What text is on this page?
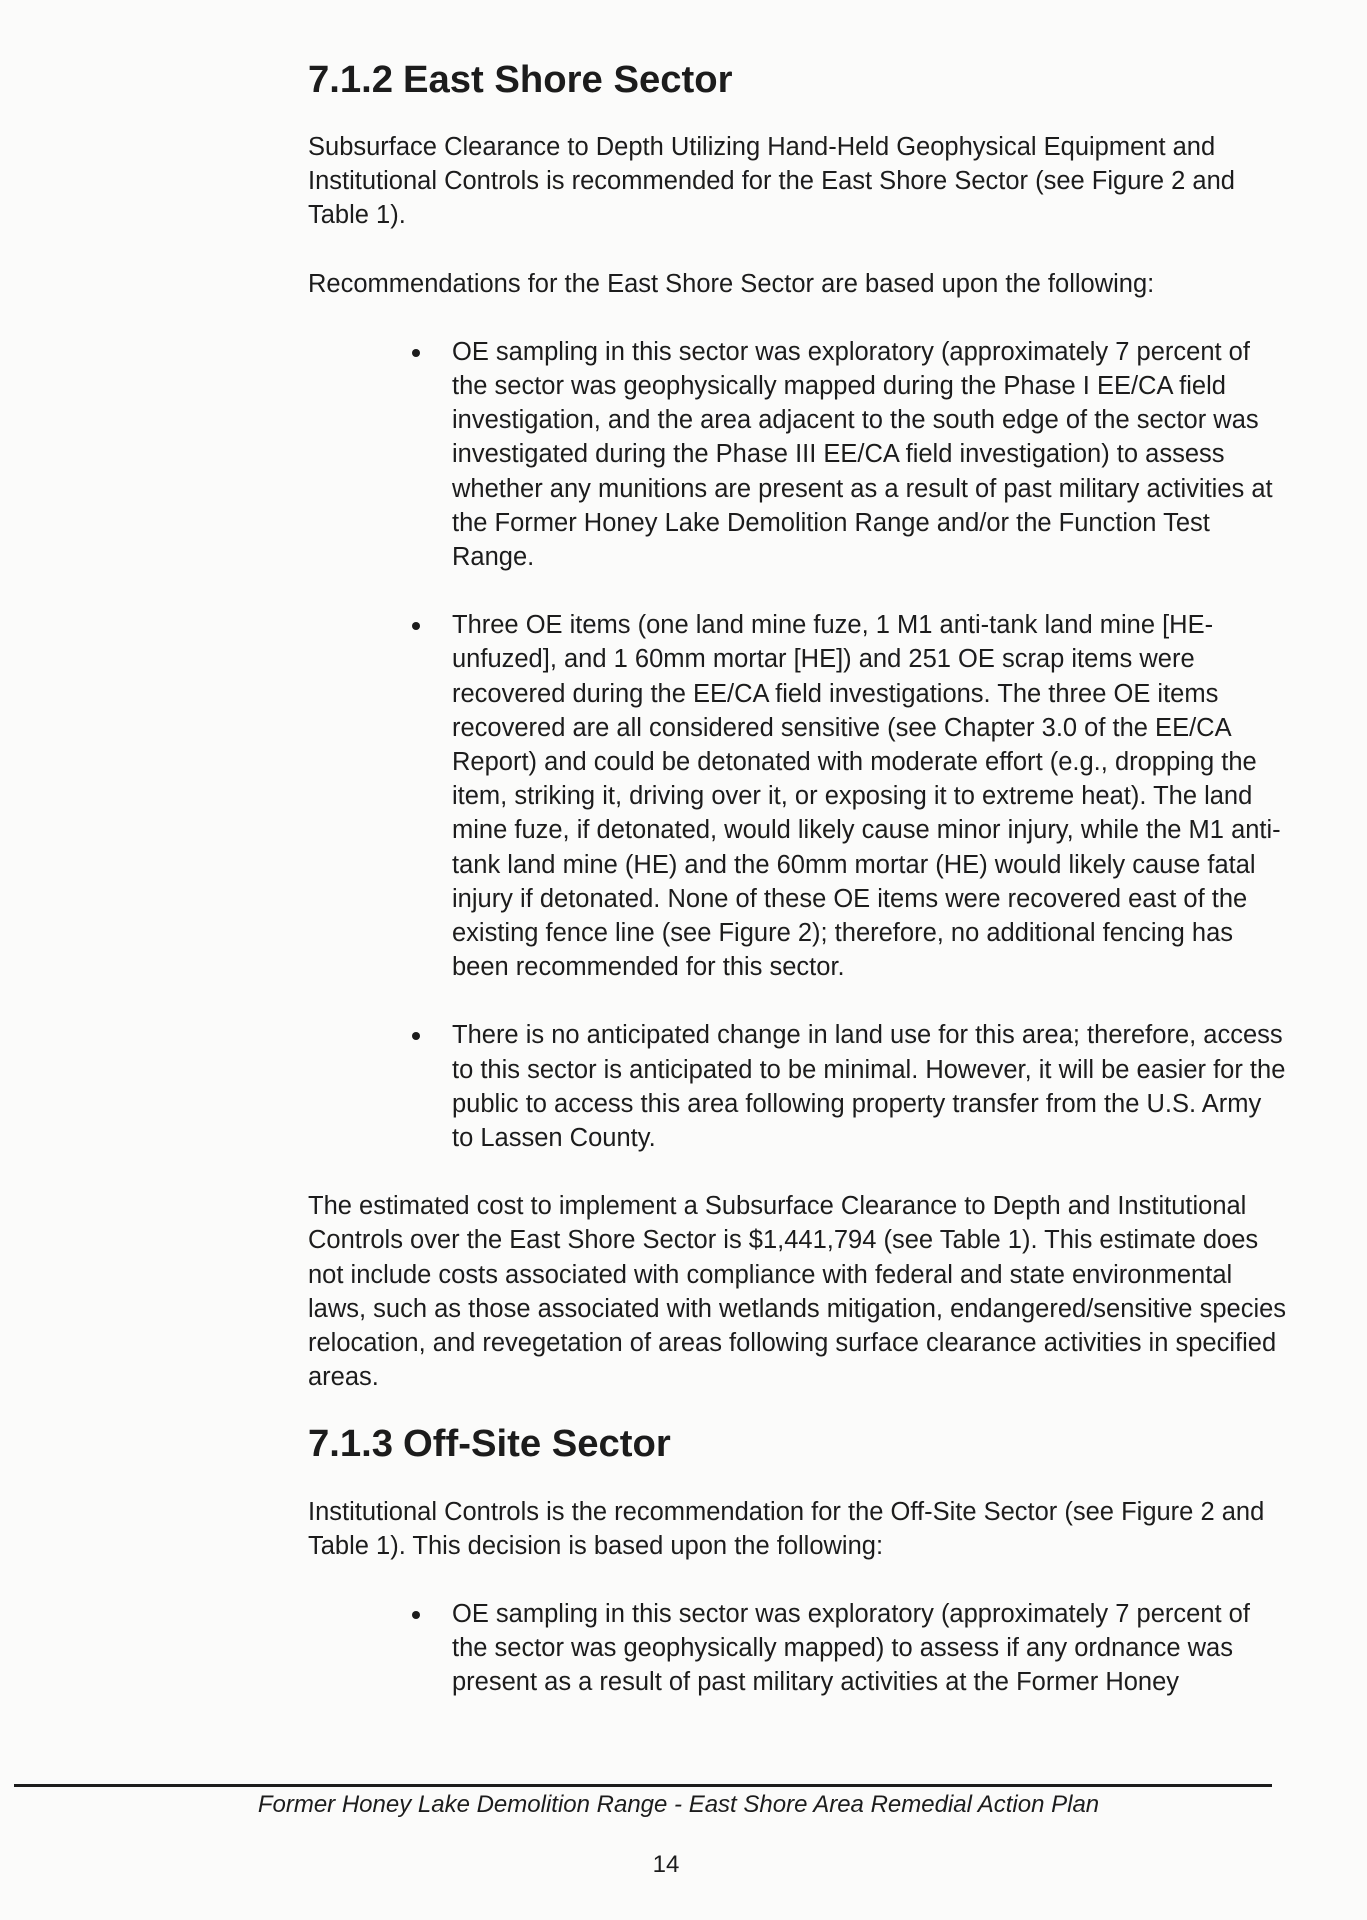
7.1.2 East Shore Sector

Subsurface Clearance to Depth Utilizing Hand-Held Geophysical Equipment and Institutional Controls is recommended for the East Shore Sector (see Figure 2 and Table 1).

Recommendations for the East Shore Sector are based upon the following:

OE sampling in this sector was exploratory (approximately 7 percent of the sector was geophysically mapped during the Phase I EE/CA field investigation, and the area adjacent to the south edge of the sector was investigated during the Phase III EE/CA field investigation) to assess whether any munitions are present as a result of past military activities at the Former Honey Lake Demolition Range and/or the Function Test Range.
Three OE items (one land mine fuze, 1 M1 anti-tank land mine [HE-unfuzed], and 1 60mm mortar [HE]) and 251 OE scrap items were recovered during the EE/CA field investigations. The three OE items recovered are all considered sensitive (see Chapter 3.0 of the EE/CA Report) and could be detonated with moderate effort (e.g., dropping the item, striking it, driving over it, or exposing it to extreme heat). The land mine fuze, if detonated, would likely cause minor injury, while the M1 anti-tank land mine (HE) and the 60mm mortar (HE) would likely cause fatal injury if detonated. None of these OE items were recovered east of the existing fence line (see Figure 2); therefore, no additional fencing has been recommended for this sector.
There is no anticipated change in land use for this area; therefore, access to this sector is anticipated to be minimal. However, it will be easier for the public to access this area following property transfer from the U.S. Army to Lassen County.

The estimated cost to implement a Subsurface Clearance to Depth and Institutional Controls over the East Shore Sector is $1,441,794 (see Table 1). This estimate does not include costs associated with compliance with federal and state environmental laws, such as those associated with wetlands mitigation, endangered/sensitive species relocation, and revegetation of areas following surface clearance activities in specified areas.

7.1.3 Off-Site Sector

Institutional Controls is the recommendation for the Off-Site Sector (see Figure 2 and Table 1). This decision is based upon the following:

OE sampling in this sector was exploratory (approximately 7 percent of the sector was geophysically mapped) to assess if any ordnance was present as a result of past military activities at the Former Honey
Former Honey Lake Demolition Range - East Shore Area Remedial Action Plan
14
